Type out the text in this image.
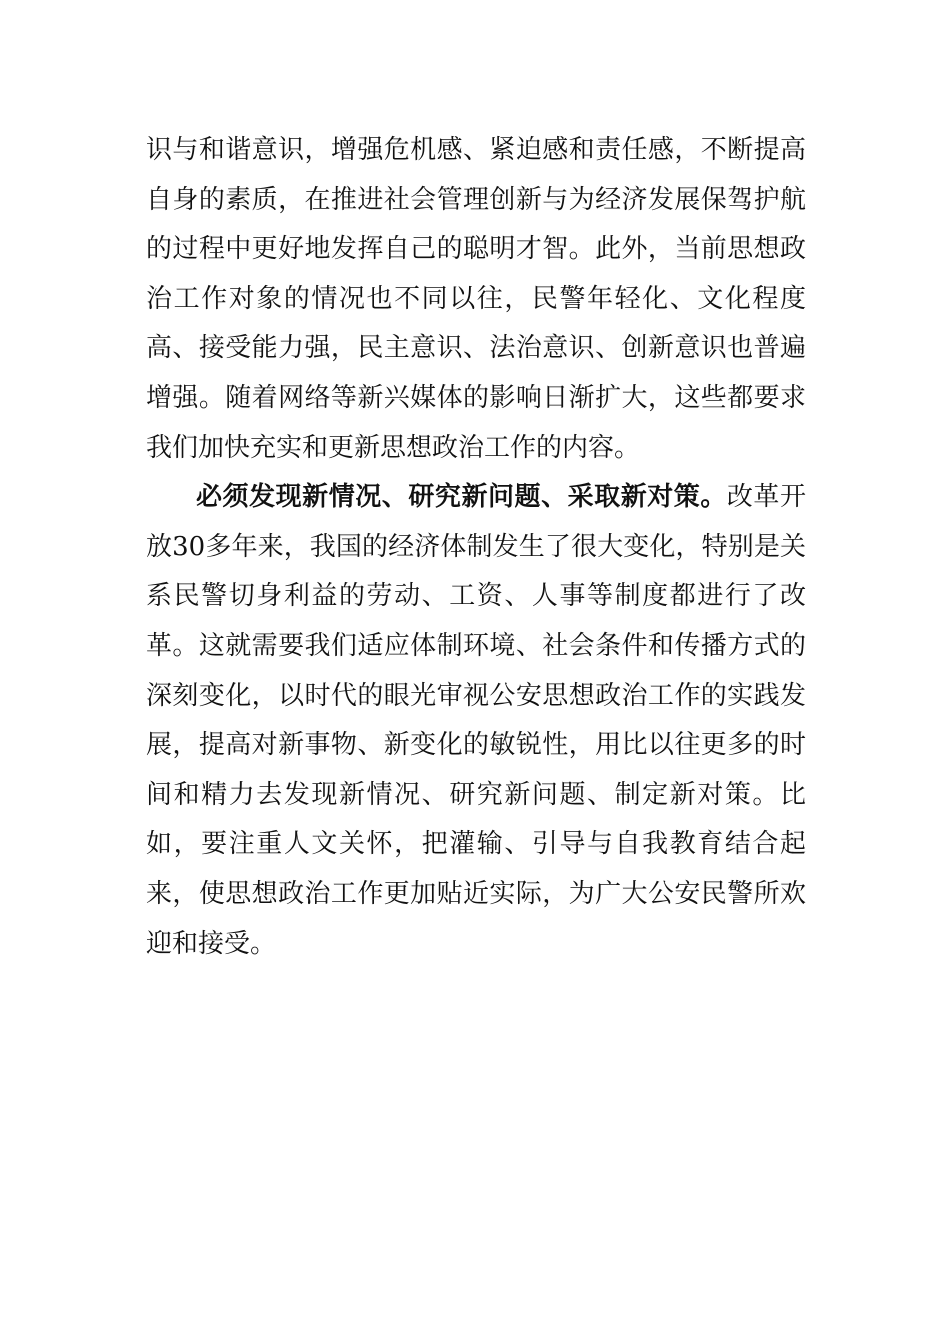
识与和谐意识，增强危机感、紧迫感和责任感，不断提高
自身的素质，在推进社会管理创新与为经济发展保驾护航
的过程中更好地发挥自己的聪明才智。此外，当前思想政
治工作对象的情况也不同以往，民警年轻化、文化程度
高、接受能力强，民主意识、法治意识、创新意识也普遍
增强。随着网络等新兴媒体的影响日渐扩大，这些都要求
我们加快充实和更新思想政治工作的内容。
必须发现新情况、研究新问题、采取新对策。改革开
放30多年来，我国的经济体制发生了很大变化，特别是关
系民警切身利益的劳动、工资、人事等制度都进行了改
革。这就需要我们适应体制环境、社会条件和传播方式的
深刻变化，以时代的眼光审视公安思想政治工作的实践发
展，提高对新事物、新变化的敏锐性，用比以往更多的时
间和精力去发现新情况、研究新问题、制定新对策。比
如，要注重人文关怀，把灌输、引导与自我教育结合起
来，使思想政治工作更加贴近实际，为广大公安民警所欢
迎和接受。
